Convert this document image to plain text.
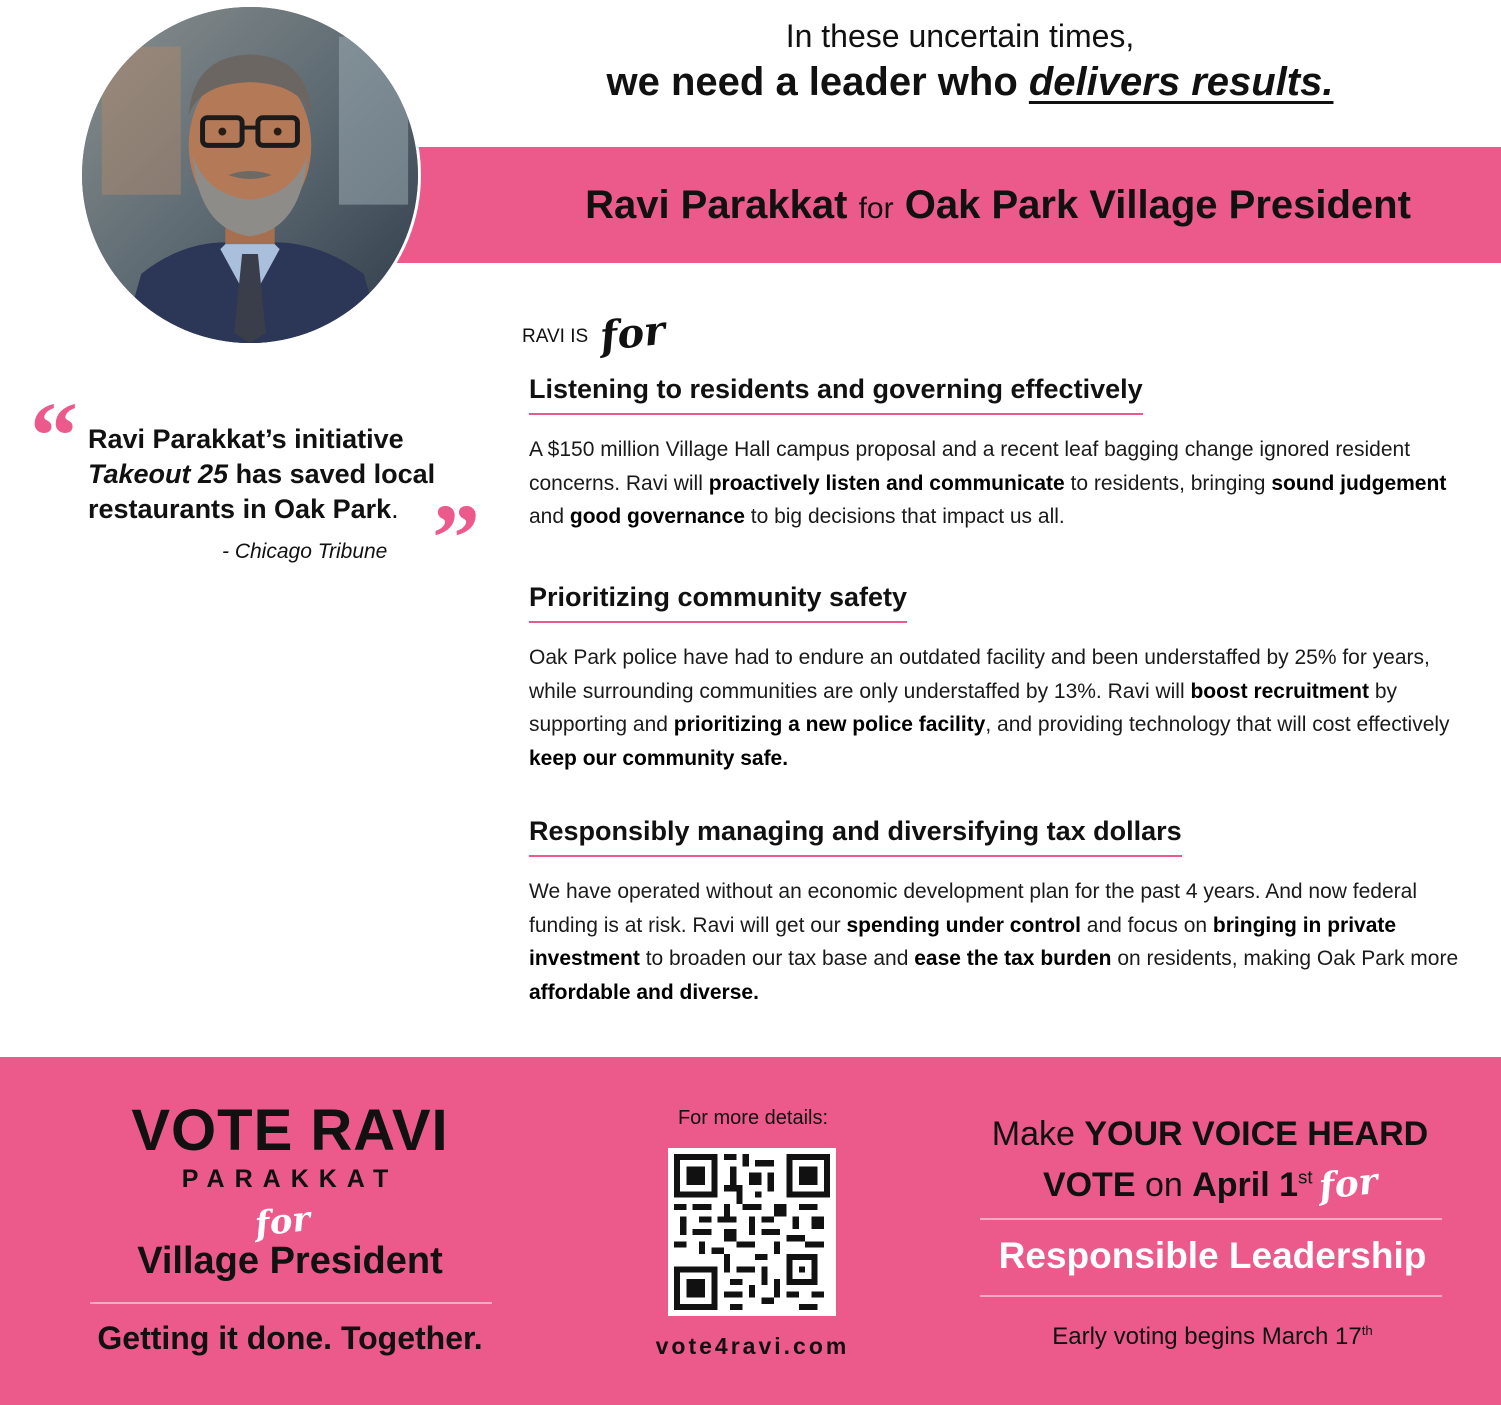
In these uncertain times,
we need a leader who delivers results.
Ravi Parakkat for Oak Park Village President
“ Ravi Parakkat’s initiative Takeout 25 has saved local restaurants in Oak Park. ”
- Chicago Tribune
RAVI IS for
Listening to residents and governing effectively

A $150 million Village Hall campus proposal and a recent leaf bagging change ignored resident concerns. Ravi will proactively listen and communicate to residents, bringing sound judgement and good governance to big decisions that impact us all.

Prioritizing community safety

Oak Park police have had to endure an outdated facility and been understaffed by 25% for years, while surrounding communities are only understaffed by 13%. Ravi will boost recruitment by supporting and prioritizing a new police facility, and providing technology that will cost effectively keep our community safe.

Responsibly managing and diversifying tax dollars

We have operated without an economic development plan for the past 4 years. And now federal funding is at risk. Ravi will get our spending under control and focus on bringing in private investment to broaden our tax base and ease the tax burden on residents, making Oak Park more affordable and diverse.

VOTE RAVI
PARAKKAT
for
Village President
Getting it done. Together.
For more details:
vote4ravi.com
Make YOUR VOICE HEARD
VOTE on April 1st for
Responsible Leadership
Early voting begins March 17th
